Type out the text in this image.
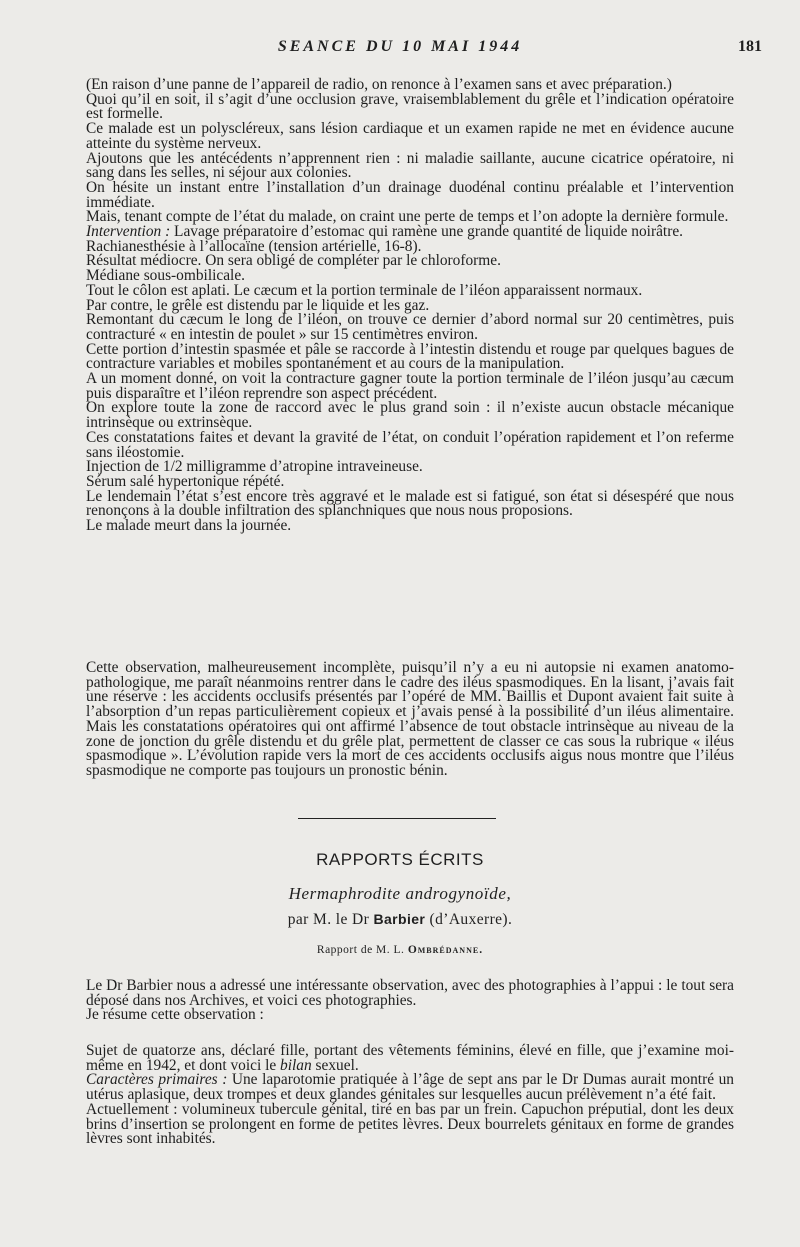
SEANCE DU 10 MAI 1944	181

(En raison d’une panne de l’appareil de radio, on renonce à l’examen sans et avec préparation.)

Quoi qu’il en soit, il s’agit d’une occlusion grave, vraisemblablement du grêle et l’indication opératoire est formelle.

Ce malade est un polyscléreux, sans lésion cardiaque et un examen rapide ne met en évidence aucune atteinte du système nerveux.

Ajoutons que les antécédents n’apprennent rien : ni maladie saillante, aucune cicatrice opératoire, ni sang dans les selles, ni séjour aux colonies.

On hésite un instant entre l’installation d’un drainage duodénal continu préalable et l’intervention immédiate.

Mais, tenant compte de l’état du malade, on craint une perte de temps et l’on adopte la dernière formule.

Intervention : Lavage préparatoire d’estomac qui ramène une grande quantité de liquide noirâtre.

Rachianesthésie à l’allocaïne (tension artérielle, 16-8).

Résultat médiocre. On sera obligé de compléter par le chloroforme.

Médiane sous-ombilicale.

Tout le côlon est aplati. Le cæcum et la portion terminale de l’iléon apparaissent normaux.

Par contre, le grêle est distendu par le liquide et les gaz.

Remontant du cæcum le long de l’iléon, on trouve ce dernier d’abord normal sur 20 centimètres, puis contracturé « en intestin de poulet » sur 15 centimètres environ.

Cette portion d’intestin spasmée et pâle se raccorde à l’intestin distendu et rouge par quelques bagues de contracture variables et mobiles spontanément et au cours de la manipulation.

A un moment donné, on voit la contracture gagner toute la portion terminale de l’iléon jusqu’au cæcum puis disparaître et l’iléon reprendre son aspect précédent.

On explore toute la zone de raccord avec le plus grand soin : il n’existe aucun obstacle mécanique intrinsèque ou extrinsèque.

Ces constatations faites et devant la gravité de l’état, on conduit l’opération rapidement et l’on referme sans iléostomie.

Injection de 1/2 milligramme d’atropine intraveineuse.

Sérum salé hypertonique répété.

Le lendemain l’état s’est encore très aggravé et le malade est si fatigué, son état si désespéré que nous renonçons à la double infiltration des splanchniques que nous nous proposions.

Le malade meurt dans la journée.

Cette observation, malheureusement incomplète, puisqu’il n’y a eu ni autopsie ni examen anatomo-pathologique, me paraît néanmoins rentrer dans le cadre des iléus spasmodiques. En la lisant, j’avais fait une réserve : les accidents occlusifs présentés par l’opéré de MM. Baillis et Dupont avaient fait suite à l’absorption d’un repas particulièrement copieux et j’avais pensé à la possibilité d’un iléus alimentaire. Mais les constatations opératoires qui ont affirmé l’absence de tout obstacle intrinsèque au niveau de la zone de jonction du grêle distendu et du grêle plat, permettent de classer ce cas sous la rubrique « iléus spasmodique ». L’évolution rapide vers la mort de ces accidents occlusifs aigus nous montre que l’iléus spasmodique ne comporte pas toujours un pronostic bénin.

RAPPORTS ÉCRITS
Hermaphrodite androgynoïde,
par M. le Dr Barbier (d’Auxerre).
Rapport de M. L. Ombrédanne.

Le Dr Barbier nous a adressé une intéressante observation, avec des photographies à l’appui : le tout sera déposé dans nos Archives, et voici ces photographies.

Je résume cette observation :

Sujet de quatorze ans, déclaré fille, portant des vêtements féminins, élevé en fille, que j’examine moi-même en 1942, et dont voici le bilan sexuel.

Caractères primaires : Une laparotomie pratiquée à l’âge de sept ans par le Dr Dumas aurait montré un utérus aplasique, deux trompes et deux glandes génitales sur lesquelles aucun prélèvement n’a été fait.

Actuellement : volumineux tubercule génital, tiré en bas par un frein. Capuchon préputial, dont les deux brins d’insertion se prolongent en forme de petites lèvres. Deux bourrelets génitaux en forme de grandes lèvres sont inhabités.
